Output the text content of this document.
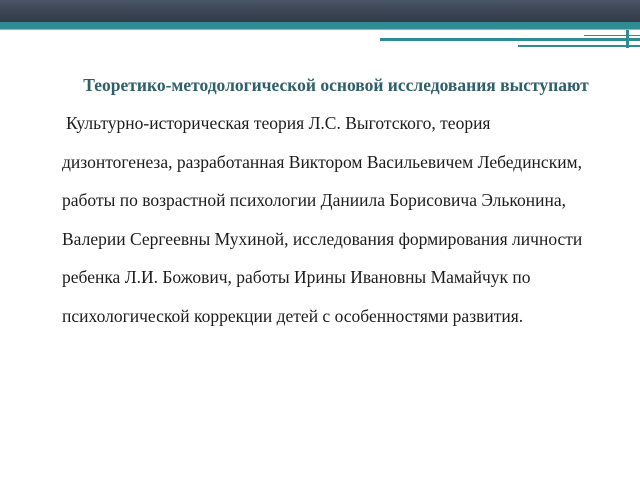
Теоретико-методологической основой исследования выступают

Культурно-историческая теория Л.С. Выготского, теория дизонтогенеза, разработанная Виктором Васильевичем Лебединским, работы по возрастной психологии Даниила Борисовича Эльконина, Валерии Сергеевны Мухиной, исследования формирования личности ребенка Л.И. Божович, работы Ирины Ивановны Мамайчук по психологической коррекции детей с особенностями развития.
